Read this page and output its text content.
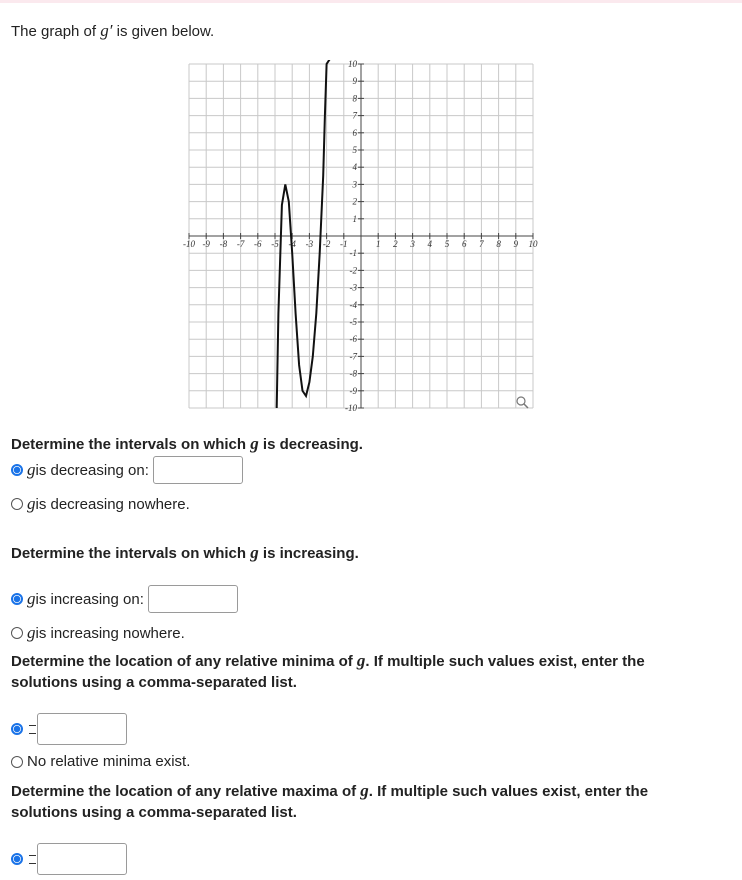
The graph of g′ is given below.
-10 -9 -8 -7 -6 -5 -4 -3 -2 -1	1 2 3 4 5 6 7 8 9 10
10
9
8
7
6
5
4
3
2
1
-1
-2
-3
-4
-5
-6
-7
-8
-9
-10
Determine the intervals on which g is decreasing.
g is decreasing on:
g is decreasing nowhere.
Determine the intervals on which g is increasing.
g is increasing on:
g is increasing nowhere.
Determine the location of any relative minima of g. If multiple such values exist, enter the solutions using a comma-separated list.
No relative minima exist.
Determine the location of any relative maxima of g. If multiple such values exist, enter the solutions using a comma-separated list.
